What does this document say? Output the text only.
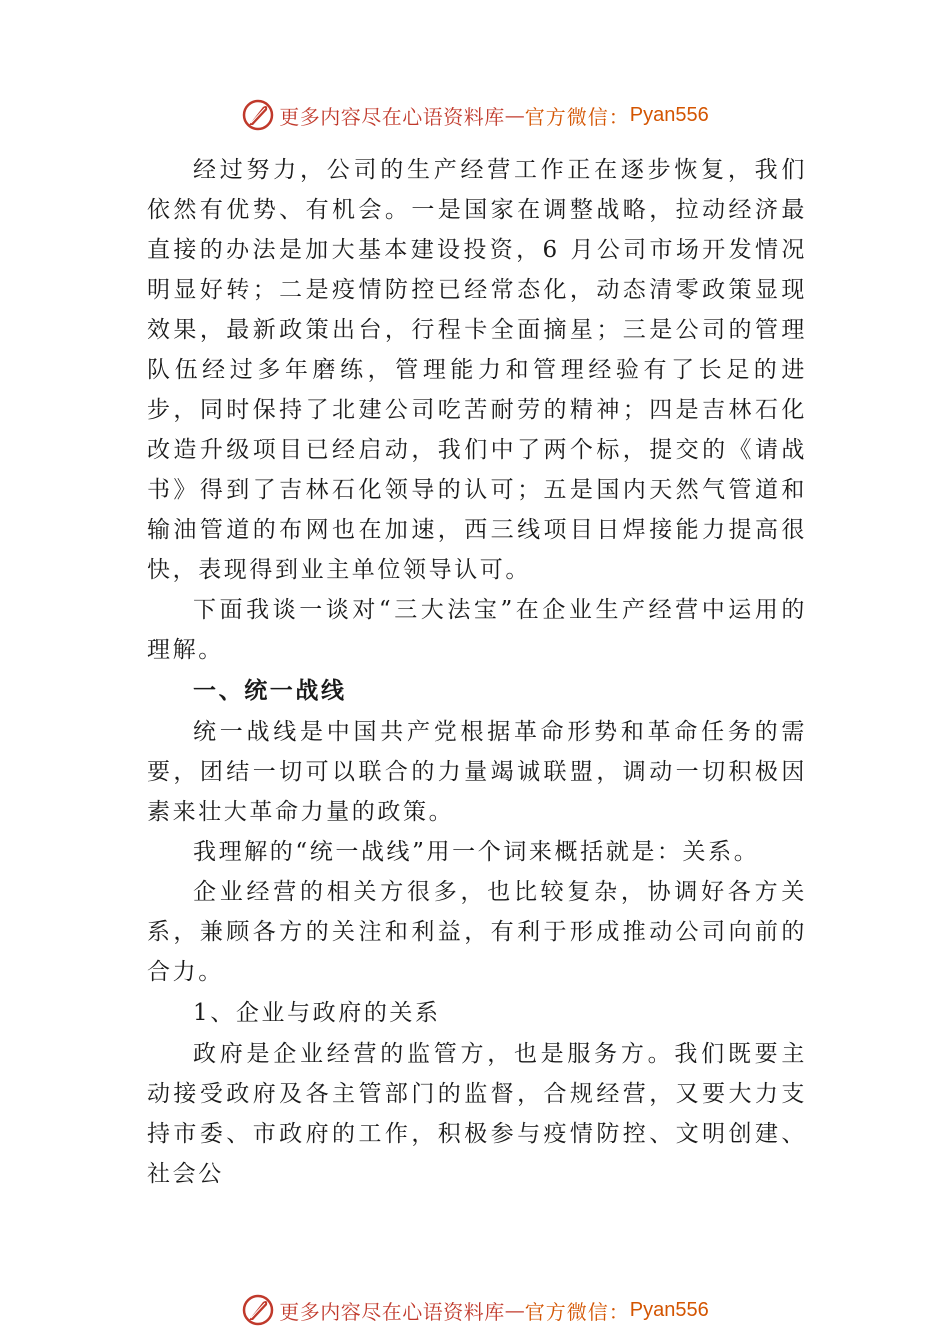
更多内容尽在心语资料库 — 官方微信： Pyan556

经过努力，公司的生产经营工作正在逐步恢复，我们依然有优势、有机会。一是国家在调整战略，拉动经济最直接的办法是加大基本建设投资，6 月公司市场开发情况明显好转；二是疫情防控已经常态化，动态清零政策显现效果，最新政策出台，行程卡全面摘星；三是公司的管理队伍经过多年磨练，管理能力和管理经验有了长足的进步，同时保持了北建公司吃苦耐劳的精神；四是吉林石化改造升级项目已经启动，我们中了两个标，提交的《请战书》得到了吉林石化领导的认可；五是国内天然气管道和输油管道的布网也在加速，西三线项目日焊接能力提高很快，表现得到业主单位领导认可。

下面我谈一谈对“三大法宝”在企业生产经营中运用的理解。

一、统一战线

统一战线是中国共产党根据革命形势和革命任务的需要，团结一切可以联合的力量竭诚联盟，调动一切积极因素来壮大革命力量的政策。

我理解的“统一战线”用一个词来概括就是：关系。

企业经营的相关方很多，也比较复杂，协调好各方关系，兼顾各方的关注和利益，有利于形成推动公司向前的合力。

1、企业与政府的关系

政府是企业经营的监管方，也是服务方。我们既要主动接受政府及各主管部门的监督，合规经营，又要大力支持市委、市政府的工作，积极参与疫情防控、文明创建、社会公

更多内容尽在心语资料库 — 官方微信： Pyan556
